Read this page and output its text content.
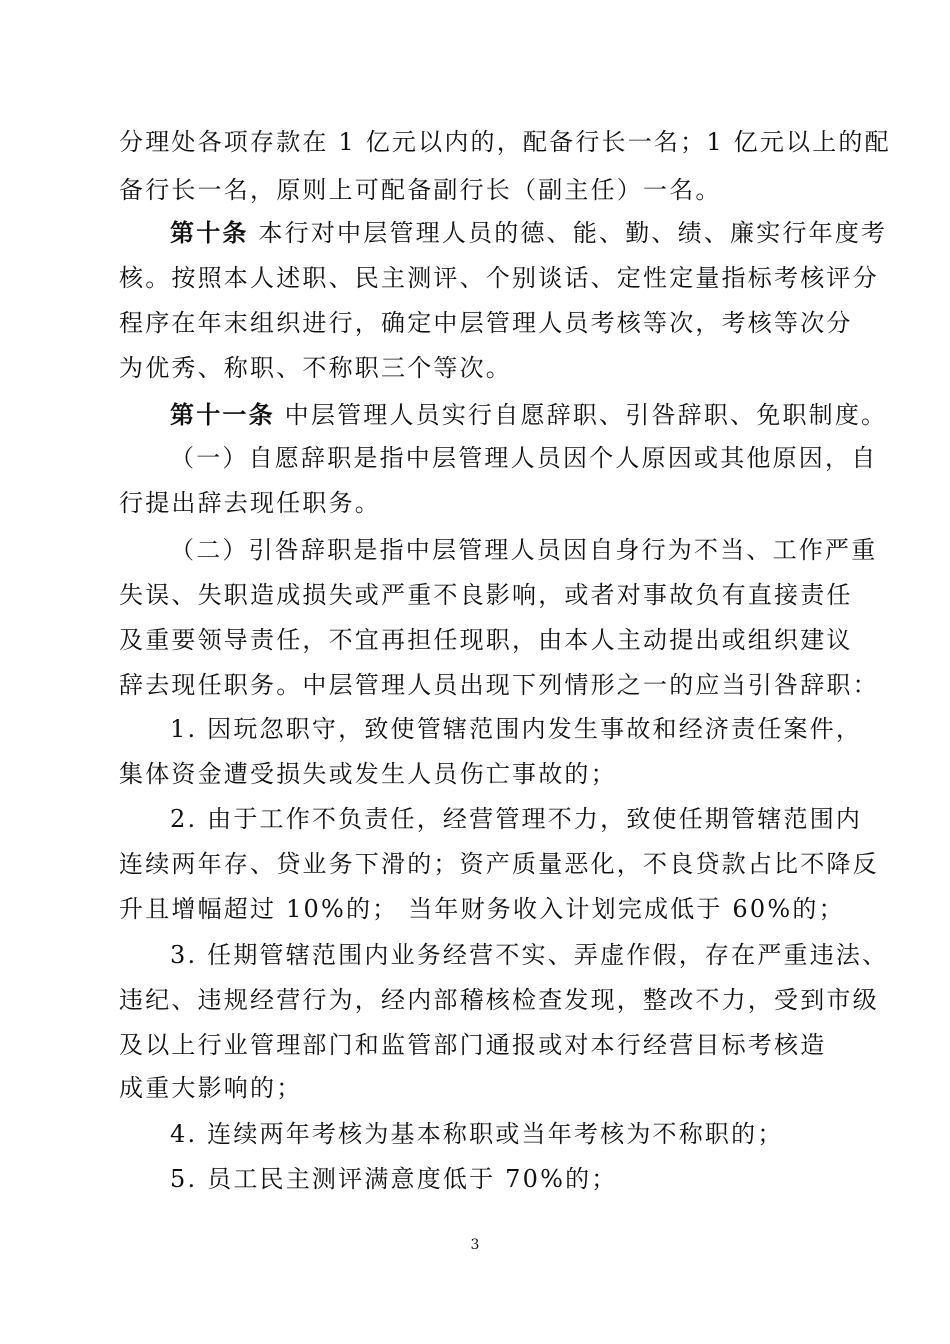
分理处各项存款在 1 亿元以内的，配备行长一名；1 亿元以上的配
备行长一名，原则上可配备副行长（副主任）一名。
第十条 本行对中层管理人员的德、能、勤、绩、廉实行年度考
核。按照本人述职、民主测评、个别谈话、定性定量指标考核评分
程序在年末组织进行，确定中层管理人员考核等次，考核等次分
为优秀、称职、不称职三个等次。
第十一条 中层管理人员实行自愿辞职、引咎辞职、免职制度。
（一）自愿辞职是指中层管理人员因个人原因或其他原因，自
行提出辞去现任职务。
（二）引咎辞职是指中层管理人员因自身行为不当、工作严重
失误、失职造成损失或严重不良影响，或者对事故负有直接责任
及重要领导责任，不宜再担任现职，由本人主动提出或组织建议
辞去现任职务。中层管理人员出现下列情形之一的应当引咎辞职：
1. 因玩忽职守，致使管辖范围内发生事故和经济责任案件，
集体资金遭受损失或发生人员伤亡事故的；
2. 由于工作不负责任，经营管理不力，致使任期管辖范围内
连续两年存、贷业务下滑的；资产质量恶化，不良贷款占比不降反
升且增幅超过 10%的； 当年财务收入计划完成低于 60%的；
3. 任期管辖范围内业务经营不实、弄虚作假，存在严重违法、
违纪、违规经营行为，经内部稽核检查发现，整改不力，受到市级
及以上行业管理部门和监管部门通报或对本行经营目标考核造
成重大影响的；
4. 连续两年考核为基本称职或当年考核为不称职的；
5. 员工民主测评满意度低于 70%的；
3
